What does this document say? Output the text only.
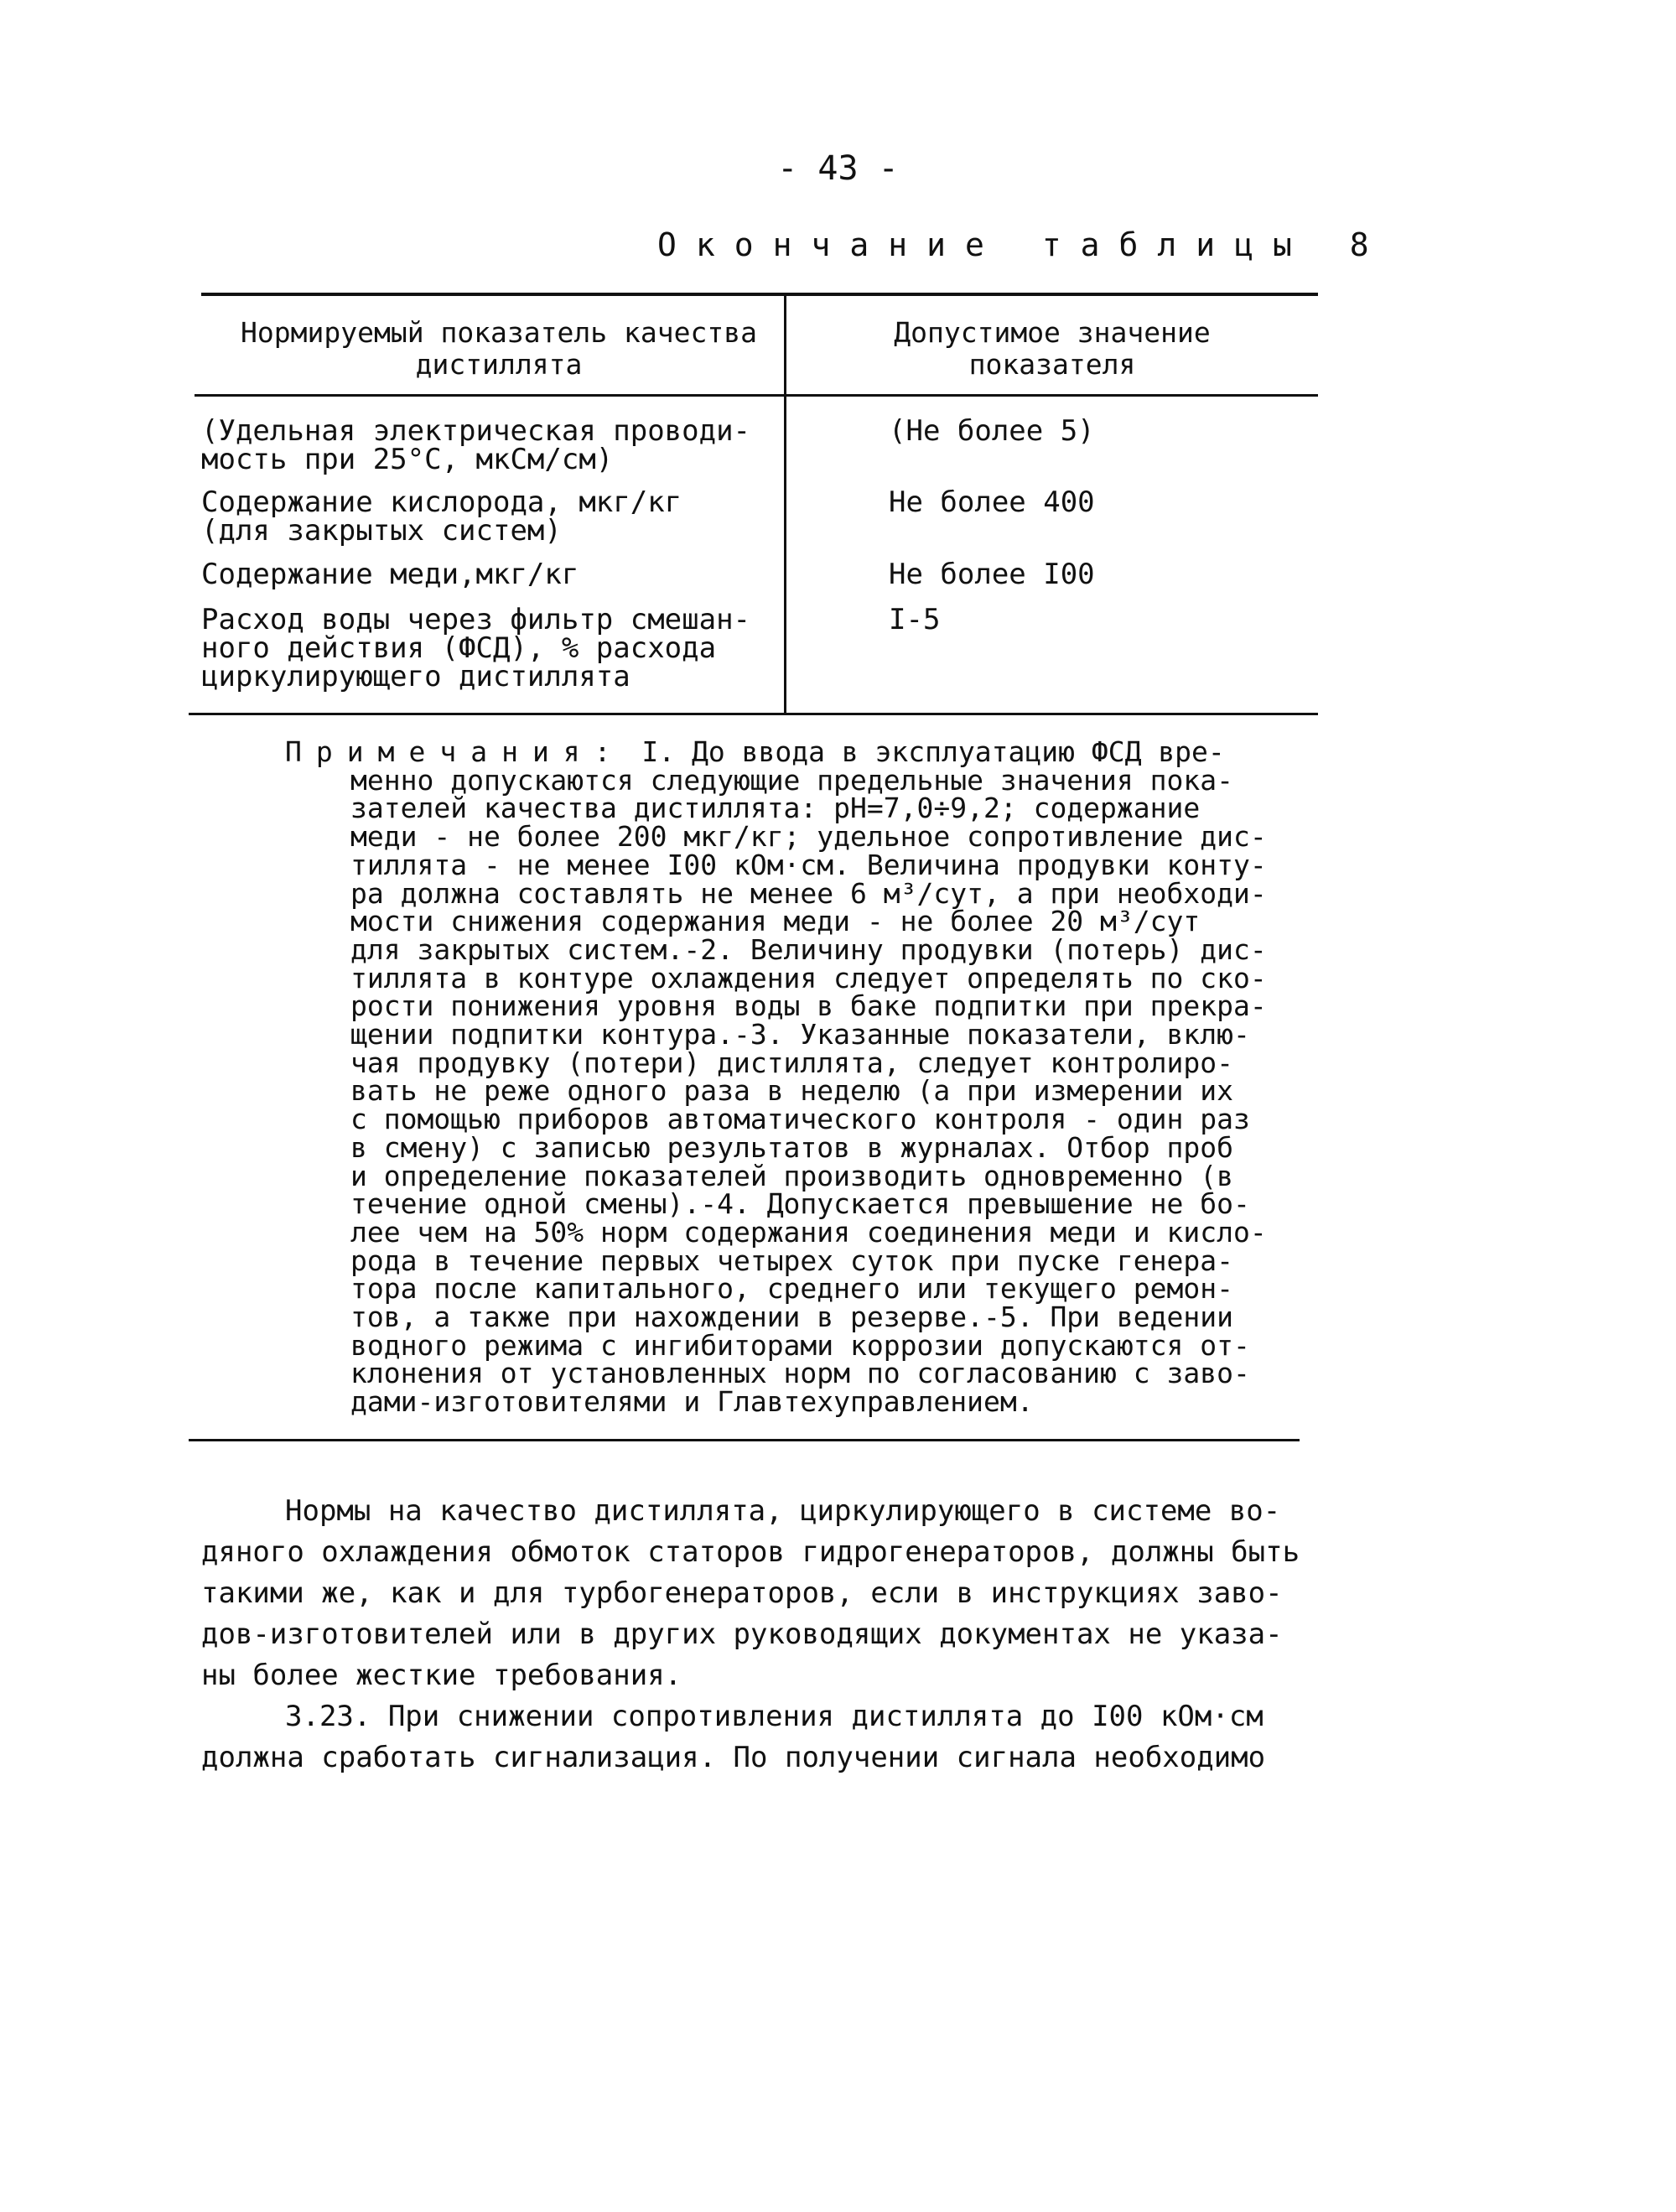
- 43 -
Окончание таблицы 8
Нормируемый показатель качества дистиллята
Допустимое значение показателя
(Удельная электрическая проводи-
мость при 25°С, мкСм/см)
(Не более 5)
Содержание кислорода, мкг/кг
(для закрытых систем)
Не более 400
Содержание меди,мкг/кг	Не более I00
Расход воды через фильтр смешан-
ного действия (ФСД), % расхода
циркулирующего дистиллята
I-5
Примечания: I. До ввода в эксплуатацию ФСД вре-
менно допускаются следующие предельные значения пока-
зателей качества дистиллята: рН=7,0÷9,2; содержание
меди - не более 200 мкг/кг; удельное сопротивление дис-
тиллята - не менее I00 кОм·см. Величина продувки конту-
ра должна составлять не менее 6 м³/сут, а при необходи-
мости снижения содержания меди - не более 20 м³/сут
для закрытых систем.-2. Величину продувки (потерь) дис-
тиллята в контуре охлаждения следует определять по ско-
рости понижения уровня воды в баке подпитки при прекра-
щении подпитки контура.-3. Указанные показатели, вклю-
чая продувку (потери) дистиллята, следует контролиро-
вать не реже одного раза в неделю (а при измерении их
с помощью приборов автоматического контроля - один раз
в смену) с записью результатов в журналах. Отбор проб
и определение показателей производить одновременно (в
течение одной смены).-4. Допускается превышение не бо-
лее чем на 50% норм содержания соединения меди и кисло-
рода в течение первых четырех суток при пуске генера-
тора после капитального, среднего или текущего ремон-
тов, а также при нахождении в резерве.-5. При ведении
водного режима с ингибиторами коррозии допускаются от-
клонения от установленных норм по согласованию с заво-
дами-изготовителями и Главтехуправлением.
Нормы на качество дистиллята, циркулирующего в системе во-
дяного охлаждения обмоток статоров гидрогенераторов, должны быть
такими же, как и для турбогенераторов, если в инструкциях заво-
дов-изготовителей или в других руководящих документах не указа-
ны более жесткие требования.
3.23. При снижении сопротивления дистиллята до I00 кОм·см
должна сработать сигнализация. По получении сигнала необходимо
